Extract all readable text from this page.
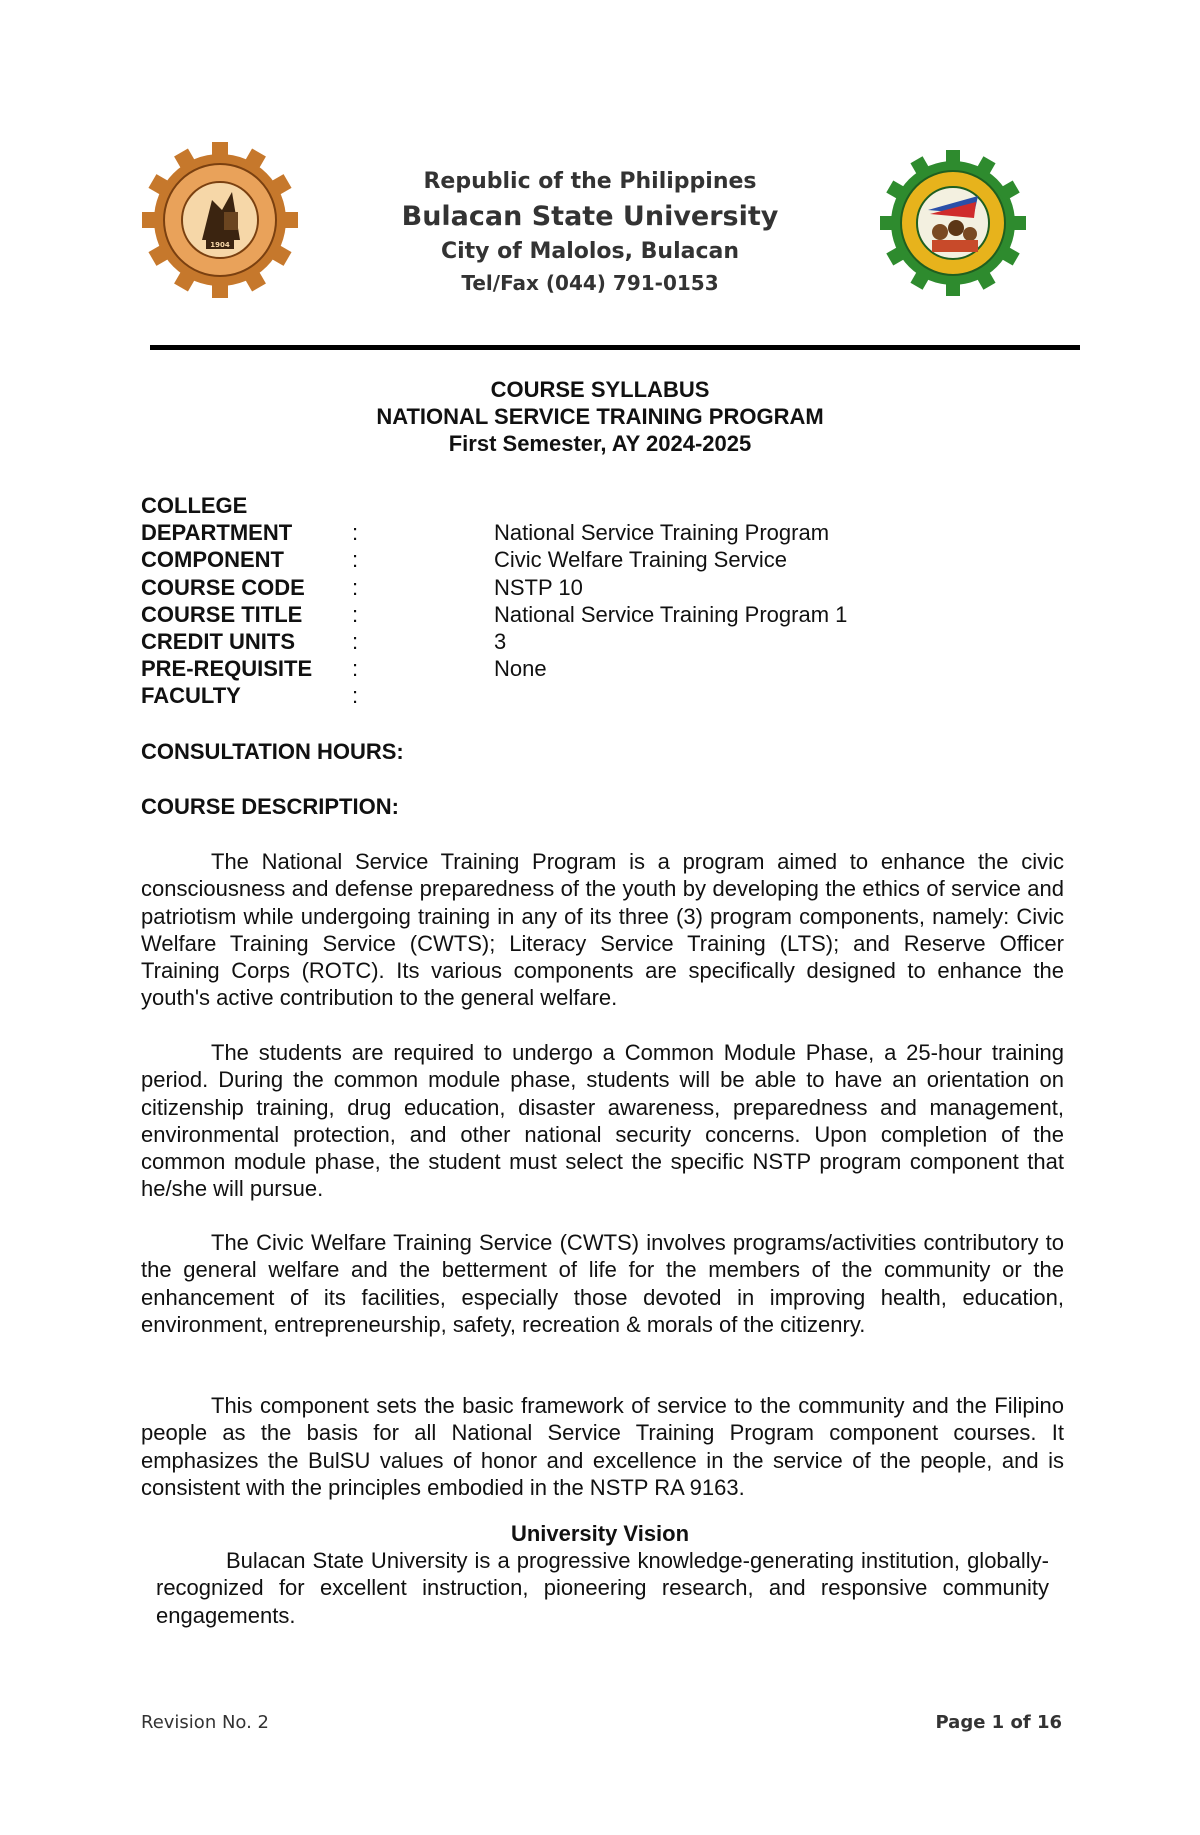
1904
Republic of the Philippines
Bulacan State University
City of Malolos, Bulacan
Tel/Fax (044) 791-0153
COURSE SYLLABUS
NATIONAL SERVICE TRAINING PROGRAM
First Semester, AY 2024-2025
COLLEGE
DEPARTMENT	:	National Service Training Program
COMPONENT	:	Civic Welfare Training Service
COURSE CODE :	NSTP 10
COURSE TITLE :	National Service Training Program 1
CREDIT UNITS	:	3
PRE-REQUISITE :	None
FACULTY	:
CONSULTATION HOURS:
COURSE DESCRIPTION:

The National Service Training Program is a program aimed to enhance the civic consciousness and defense preparedness of the youth by developing the ethics of service and patriotism while undergoing training in any of its three (3) program components, namely: Civic Welfare Training Service (CWTS); Literacy Service Training (LTS); and Reserve Officer Training Corps (ROTC). Its various components are specifically designed to enhance the youth's active contribution to the general welfare.

The students are required to undergo a Common Module Phase, a 25-hour training period. During the common module phase, students will be able to have an orientation on citizenship training, drug education, disaster awareness, preparedness and management, environmental protection, and other national security concerns. Upon completion of the common module phase, the student must select the specific NSTP program component that he/she will pursue.

The Civic Welfare Training Service (CWTS) involves programs/activities contributory to the general welfare and the betterment of life for the members of the community or the enhancement of its facilities, especially those devoted in improving health, education, environment, entrepreneurship, safety, recreation & morals of the citizenry.

This component sets the basic framework of service to the community and the Filipino people as the basis for all National Service Training Program component courses. It emphasizes the BulSU values of honor and excellence in the service of the people, and is consistent with the principles embodied in the NSTP RA 9163.

University Vision

Bulacan State University is a progressive knowledge-generating institution, globally-recognized for excellent instruction, pioneering research, and responsive community engagements.

Revision No. 2	Page 1 of 16
